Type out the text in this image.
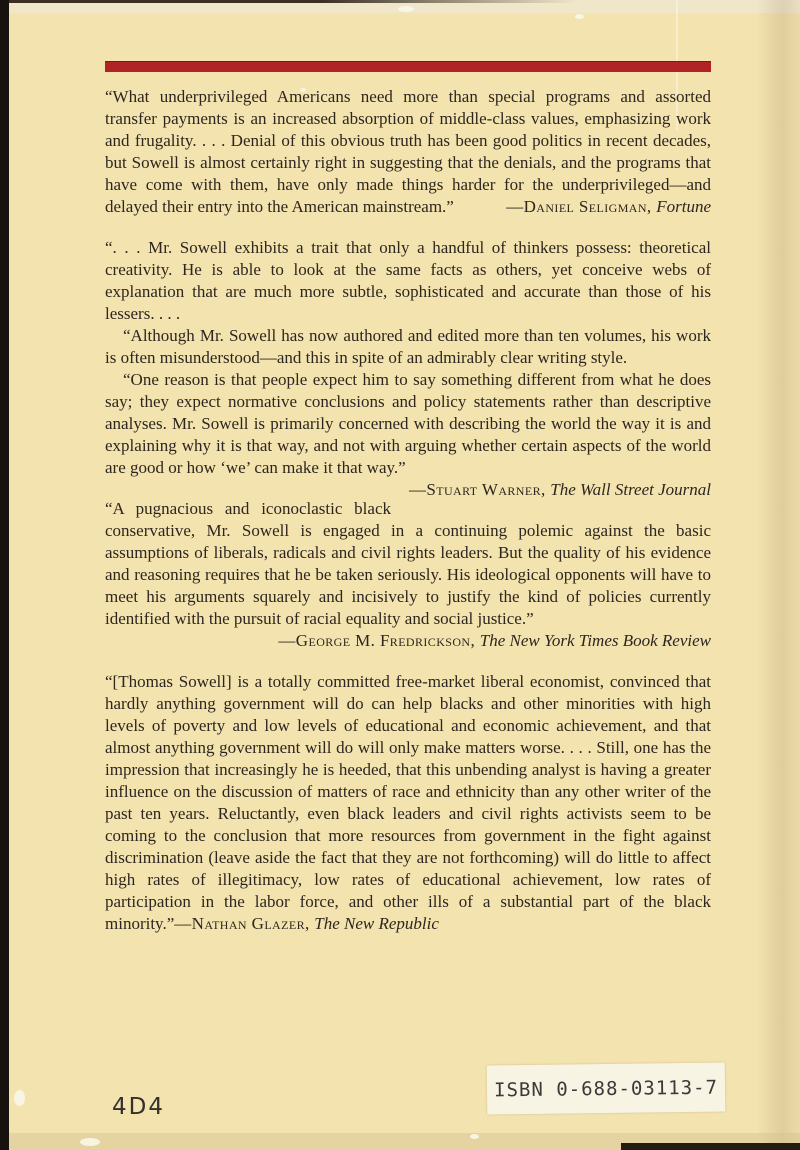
“What underprivileged Americans need more than special programs and assorted transfer payments is an increased absorption of middle-class values, emphasizing work and frugality. . . . Denial of this obvious truth has been good politics in recent decades, but Sowell is almost certainly right in suggesting that the denials, and the programs that have come with them, have only made things harder for the underprivileged—and delayed their entry into the American mainstream.”	—Daniel Seligman, Fortune

“. . . Mr. Sowell exhibits a trait that only a handful of thinkers possess: theoretical creativity. He is able to look at the same facts as others, yet conceive webs of explanation that are much more subtle, sophisticated and accurate than those of his lessers. . . .

“Although Mr. Sowell has now authored and edited more than ten volumes, his work is often misunderstood—and this in spite of an admirably clear writing style.

“One reason is that people expect him to say something different from what he does say; they expect normative conclusions and policy statements rather than descriptive analyses. Mr. Sowell is primarily concerned with describing the world the way it is and explaining why it is that way, and not with arguing whether certain aspects of the world are good or how ‘we’ can make it that way.”
—Stuart Warner, The Wall Street Journal

“A pugnacious and iconoclastic black conservative, Mr. Sowell is engaged in a continuing polemic against the basic assumptions of liberals, radicals and civil rights leaders. But the quality of his evidence and reasoning requires that he be taken seriously. His ideological opponents will have to meet his arguments squarely and incisively to justify the kind of policies currently identified with the pursuit of racial equality and social justice.”

—George M. Fredrickson, The New York Times Book Review

“[Thomas Sowell] is a totally committed free-market liberal economist, convinced that hardly anything government will do can help blacks and other minorities with high levels of poverty and low levels of educational and economic achievement, and that almost anything government will do will only make matters worse. . . . Still, one has the impression that increasingly he is heeded, that this unbending analyst is having a greater influence on the discussion of matters of race and ethnicity than any other writer of the past ten years. Reluctantly, even black leaders and civil rights activists seem to be coming to the conclusion that more resources from government in the fight against discrimination (leave aside the fact that they are not forthcoming) will do little to affect high rates of illegitimacy, low rates of educational achievement, low rates of participation in the labor force, and other ills of a substantial part of the black minority.”—Nathan Glazer, The New Republic

4D4
ISBN 0-688-03113-7
